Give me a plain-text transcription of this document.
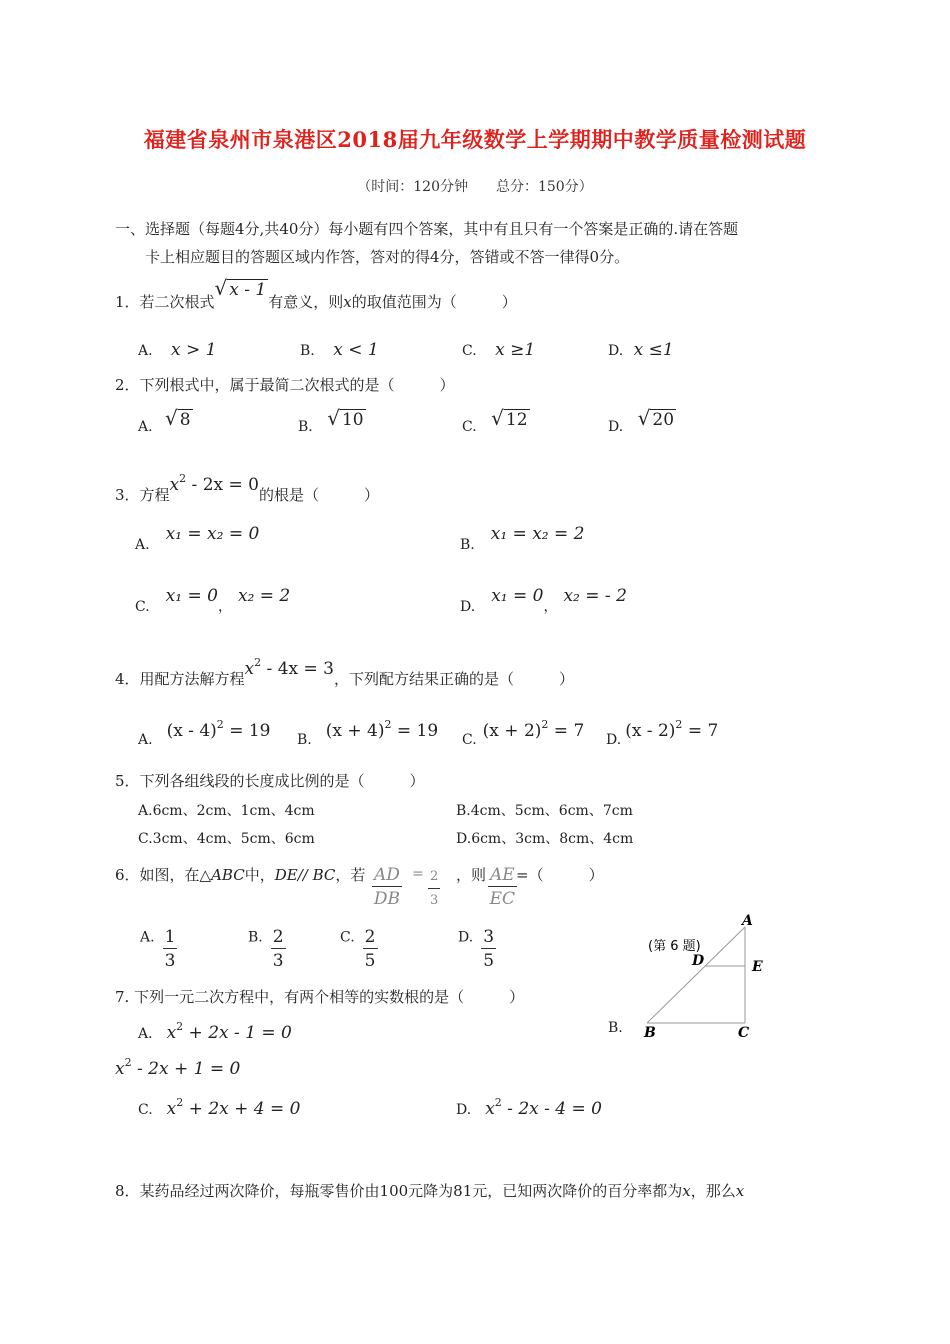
福建省泉州市泉港区2018届九年级数学上学期期中教学质量检测试题
（时间：120分钟　　总分：150分）
一、选择题（每题4分,共40分）每小题有四个答案，其中有且只有一个答案是正确的.请在答题
卡上相应题目的答题区域内作答，答对的得4分，答错或不答一律得0分。
1．若二次根式√ x - 1有意义，则x的取值范围为（　　　）
A. x > 1	B. x < 1	C. x ≥1	D. x ≤1
2．下列根式中，属于最简二次根式的是（　　　）
A. √ 8	B. √ 10	C. √ 12	D. √ 20
3．方程$x^2 - 2x = 0$的根是（　　　）
A.x₁ = x₂ = 0
B.x₁ = x₂ = 2
C.x₁ = 0，x₂ = 2
D.x₁ = 0，x₂ = - 2
4．用配方法解方程$x^2 - 4x = 3$，下列配方结果正确的是（　　　）
A. (x - 4)$^2$ = 19 B. $(x + 4)^2 = 19$ C. $(x + 2)^2 = 7$ D. (x - 2)$^2$ = 7
5．下列各组线段的长度成比例的是（　　　）
A.6cm、2cm、1cm、4cm	B.4cm、5cm、6cm、7cm
C.3cm、4cm、5cm、6cm	D.6cm、3cm、8cm、4cm
6．如图，在△ABC中，DE// BC，若 $\frac{AD}{DB} = \frac{2}{3}$ ，则 $\frac{AE}{EC}$ =（　　　）
A. $\frac{1}{3}$	B. $\frac{2}{3}$	C. $\frac{2}{5}$	D. $\frac{3}{5}$
A
B	C
D	E
(第 6 题)
7. 下列一元二次方程中，有两个相等的实数根的是（　　　）
A. $x^2 + 2x - 1 = 0$	B.
$x^2 - 2x + 1 = 0$
C. $x^2 + 2x + 4 = 0$	D. $x^2 - 2x - 4 = 0$
8．某药品经过两次降价，每瓶零售价由100元降为81元，已知两次降价的百分率都为x，那么x
